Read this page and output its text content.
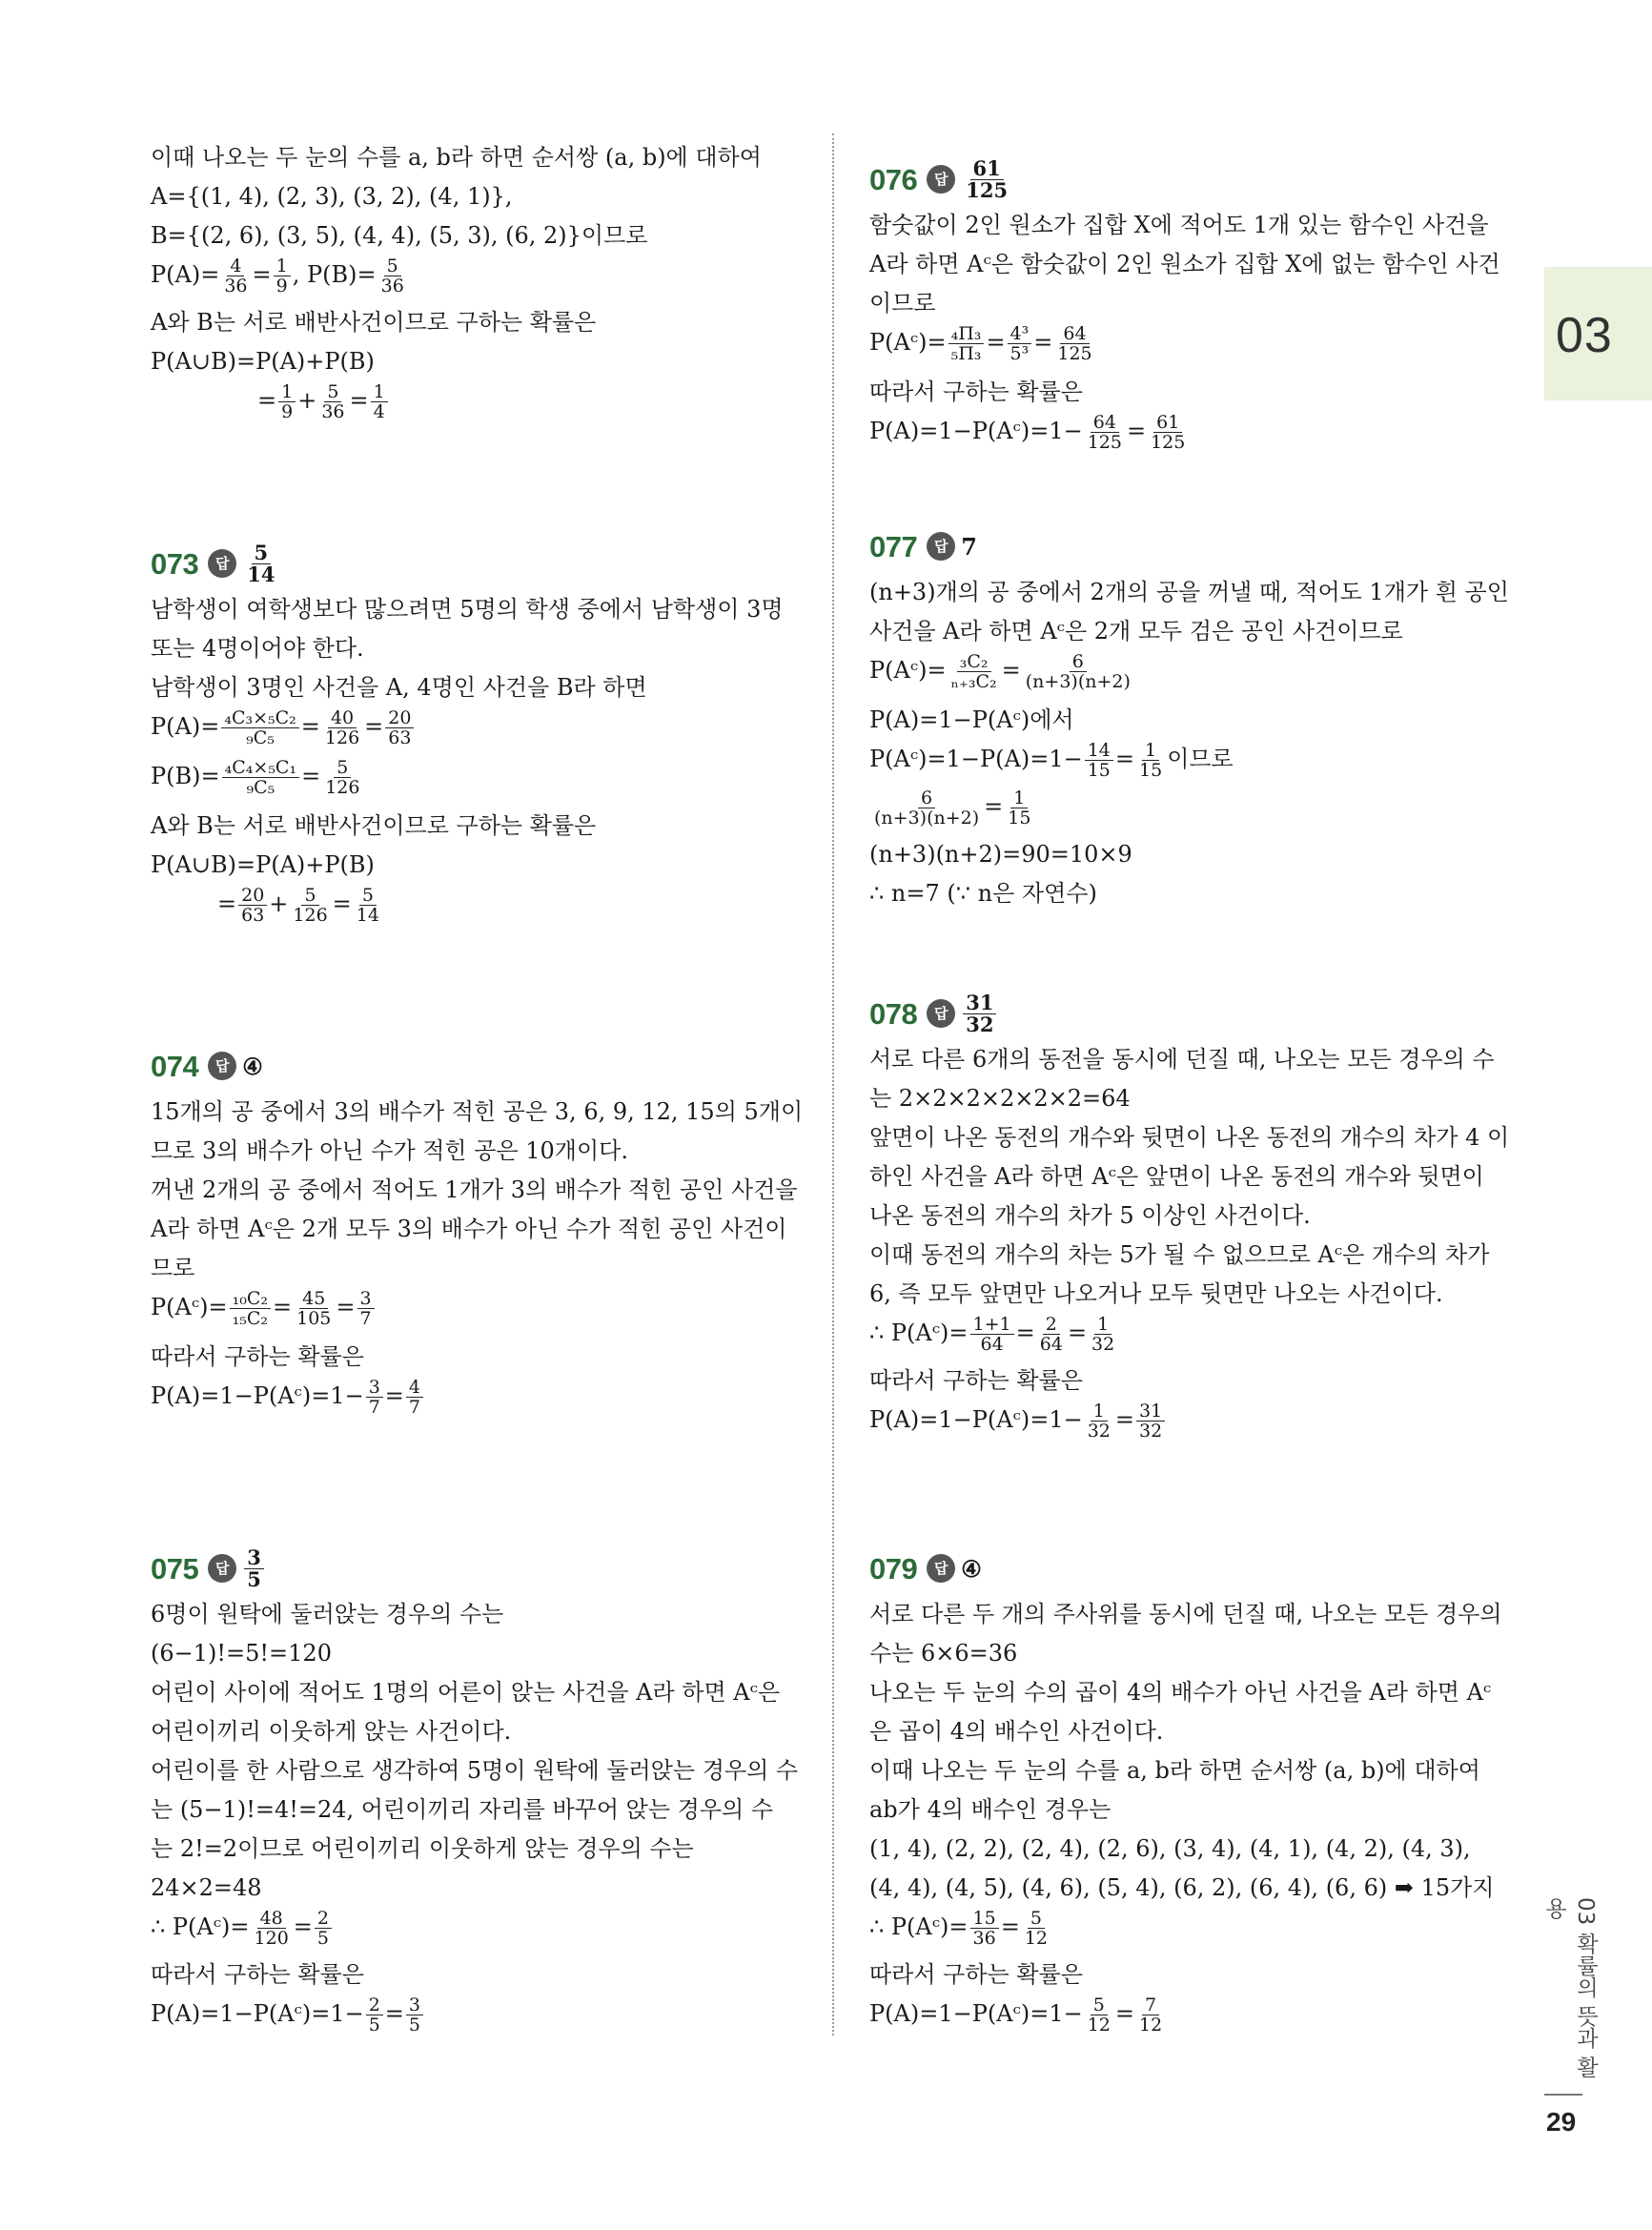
03
03 확률의 뜻과 활용
29
이때 나오는 두 눈의 수를 a, b라 하면 순서쌍 (a, b)에 대하여
A={(1, 4), (2, 3), (3, 2), (4, 1)},
B={(2, 6), (3, 5), (4, 4), (5, 3), (6, 2)}이므로
$P(A)= \frac{4}{36} = \frac{1}{9}$ , $P(B)= \frac{5}{36}$
A와 B는 서로 배반사건이므로 구하는 확률은
P(A∪B)=P(A)+P(B)
= $\frac{1}{9} + \frac{5}{36} = \frac{1}{4}$
073	답 $\frac{5}{14}$
남학생이 여학생보다 많으려면 5명의 학생 중에서 남학생이 3명
또는 4명이어야 한다.
남학생이 3명인 사건을 A, 4명인 사건을 B라 하면
$P(A)= \frac{\text{₄C₃×₅C₂}}{\text{₉C₅}} = \frac{40}{126} = \frac{20}{63}$
$P(B)= \frac{\text{₄C₄×₅C₁}}{\text{₉C₅}} = \frac{5}{126}$
A와 B는 서로 배반사건이므로 구하는 확률은
P(A∪B)=P(A)+P(B)
= $\frac{20}{63} + \frac{5}{126} = \frac{5}{14}$
074	답 ④
15개의 공 중에서 3의 배수가 적힌 공은 3, 6, 9, 12, 15의 5개이
므로 3의 배수가 아닌 수가 적힌 공은 10개이다.
꺼낸 2개의 공 중에서 적어도 1개가 3의 배수가 적힌 공인 사건을
A라 하면 Aᶜ은 2개 모두 3의 배수가 아닌 수가 적힌 공인 사건이
므로
P(Aᶜ)= $\frac{\text{₁₀C₂}}{\text{₁₅C₂}} = \frac{45}{105} = \frac{3}{7}$
따라서 구하는 확률은
P(A)=1−P(Aᶜ)=1− $\frac{3}{7} = \frac{4}{7}$
075	답 $\frac{3}{5}$
6명이 원탁에 둘러앉는 경우의 수는
(6−1)!=5!=120
어린이 사이에 적어도 1명의 어른이 앉는 사건을 A라 하면 Aᶜ은
어린이끼리 이웃하게 앉는 사건이다.
어린이를 한 사람으로 생각하여 5명이 원탁에 둘러앉는 경우의 수
는 (5−1)!=4!=24, 어린이끼리 자리를 바꾸어 앉는 경우의 수
는 2!=2이므로 어린이끼리 이웃하게 앉는 경우의 수는
24×2=48
∴ P(Aᶜ)= $\frac{48}{120} = \frac{2}{5}$
따라서 구하는 확률은
P(A)=1−P(Aᶜ)=1− $\frac{2}{5} = \frac{3}{5}$
076	답 $\frac{61}{125}$
함숫값이 2인 원소가 집합 X에 적어도 1개 있는 함수인 사건을
A라 하면 Aᶜ은 함숫값이 2인 원소가 집합 X에 없는 함수인 사건
이므로
P(Aᶜ)= $\frac{\text{₄Π₃}}{\text{₅Π₃}} = \frac{\text{4³}}{\text{5³}} = \frac{64}{125}$
따라서 구하는 확률은
P(A)=1−P(Aᶜ)=1− $\frac{64}{125} = \frac{61}{125}$
077	답 7
(n+3)개의 공 중에서 2개의 공을 꺼낼 때, 적어도 1개가 흰 공인
사건을 A라 하면 Aᶜ은 2개 모두 검은 공인 사건이므로
P(Aᶜ)= $\frac{\text{₃C₂}}{\text{ₙ₊₃C₂}} = \frac{6}{(n+3)(n+2)}$
P(A)=1−P(Aᶜ)에서
P(Aᶜ)=1−P(A)=1− $\frac{14}{15} = \frac{1}{15}$ 이므로
$\frac{6}{(n+3)(n+2)} = \frac{1}{15}$
(n+3)(n+2)=90=10×9
∴ n=7 (∵ n은 자연수)
078	답 $\frac{31}{32}$
서로 다른 6개의 동전을 동시에 던질 때, 나오는 모든 경우의 수
는 2×2×2×2×2×2=64
앞면이 나온 동전의 개수와 뒷면이 나온 동전의 개수의 차가 4 이
하인 사건을 A라 하면 Aᶜ은 앞면이 나온 동전의 개수와 뒷면이
나온 동전의 개수의 차가 5 이상인 사건이다.
이때 동전의 개수의 차는 5가 될 수 없으므로 Aᶜ은 개수의 차가
6, 즉 모두 앞면만 나오거나 모두 뒷면만 나오는 사건이다.
∴ P(Aᶜ)= $\frac{1+1}{64} = \frac{2}{64} = \frac{1}{32}$
따라서 구하는 확률은
P(A)=1−P(Aᶜ)=1− $\frac{1}{32} = \frac{31}{32}$
079	답 ④
서로 다른 두 개의 주사위를 동시에 던질 때, 나오는 모든 경우의
수는 6×6=36
나오는 두 눈의 수의 곱이 4의 배수가 아닌 사건을 A라 하면 Aᶜ
은 곱이 4의 배수인 사건이다.
이때 나오는 두 눈의 수를 a, b라 하면 순서쌍 (a, b)에 대하여
ab가 4의 배수인 경우는
(1, 4), (2, 2), (2, 4), (2, 6), (3, 4), (4, 1), (4, 2), (4, 3),
(4, 4), (4, 5), (4, 6), (5, 4), (6, 2), (6, 4), (6, 6) ➡ 15가지
∴ P(Aᶜ)= $\frac{15}{36} = \frac{5}{12}$
따라서 구하는 확률은
P(A)=1−P(Aᶜ)=1− $\frac{5}{12} = \frac{7}{12}$
